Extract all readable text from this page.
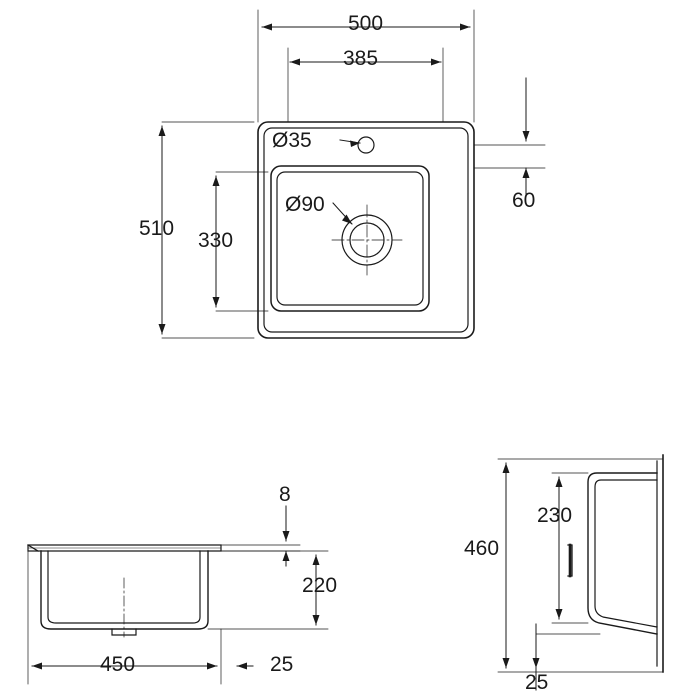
500
385
Ø35
Ø90
510
330
60
8
220
450	25
460
230
25
